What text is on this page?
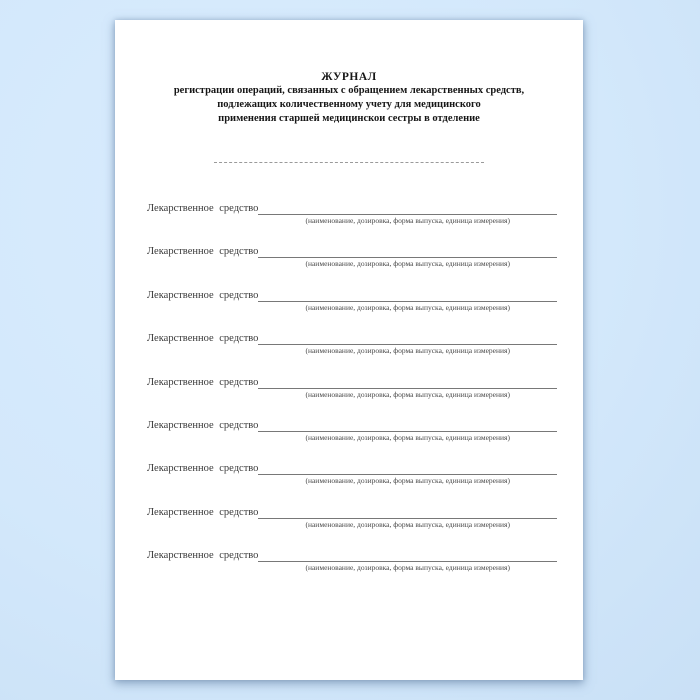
ЖУРНАЛ
регистрации операций, связанных с обращением лекарственных средств,
подлежащих количественному учету для медицинского
применения старшей медицинскои сестры в отделение
Лекарственное средство
(наименование, дозировка, форма выпуска, единица измерения)
Лекарственное средство
(наименование, дозировка, форма выпуска, единица измерения)
Лекарственное средство
(наименование, дозировка, форма выпуска, единица измерения)
Лекарственное средство
(наименование, дозировка, форма выпуска, единица измерения)
Лекарственное средство
(наименование, дозировка, форма выпуска, единица измерения)
Лекарственное средство
(наименование, дозировка, форма выпуска, единица измерения)
Лекарственное средство
(наименование, дозировка, форма выпуска, единица измерения)
Лекарственное средство
(наименование, дозировка, форма выпуска, единица измерения)
Лекарственное средство
(наименование, дозировка, форма выпуска, единица измерения)
